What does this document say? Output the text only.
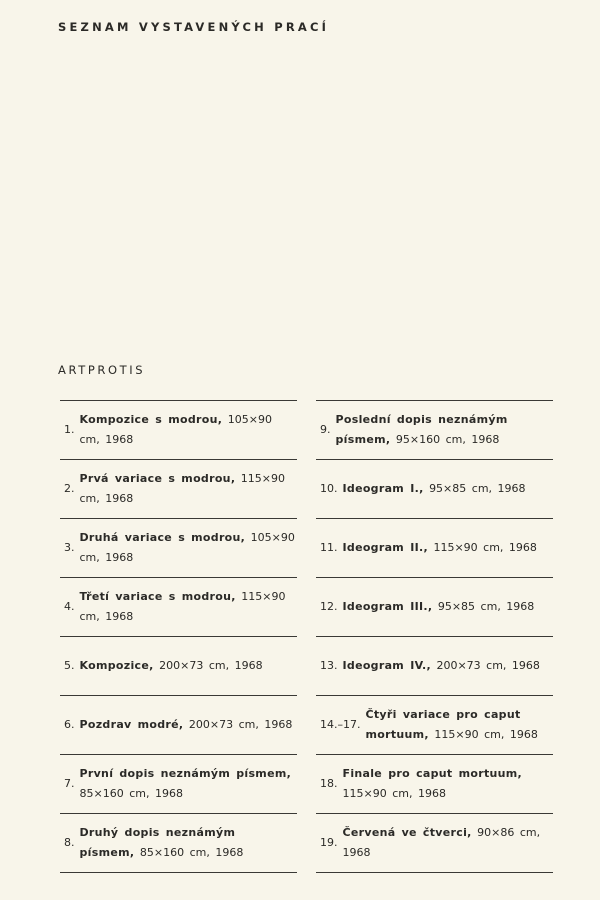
SEZNAM VYSTAVENÝCH PRACÍ
ARTPROTIS
1.
Kompozice s modrou, 105×90 cm, 1968
2.
Prvá variace s modrou, 115×90 cm, 1968
3.
Druhá variace s modrou, 105×90 cm, 1968
4.
Třetí variace s modrou, 115×90 cm, 1968
5. Kompozice, 200×73 cm, 1968
6. Pozdrav modré, 200×73 cm, 1968
7.
První dopis neznámým písmem, 85×160 cm, 1968
8.
Druhý dopis neznámým písmem, 85×160 cm, 1968
9.
Poslední dopis neznámým písmem, 95×160 cm, 1968
10. Ideogram I., 95×85 cm, 1968
11. Ideogram II., 115×90 cm, 1968
12. Ideogram III., 95×85 cm, 1968
13. Ideogram IV., 200×73 cm, 1968
14.–17.
Čtyři variace pro caput mortuum, 115×90 cm, 1968
18.
Finale pro caput mortuum, 115×90 cm, 1968
19.
Červená ve čtverci, 90×86 cm, 1968
